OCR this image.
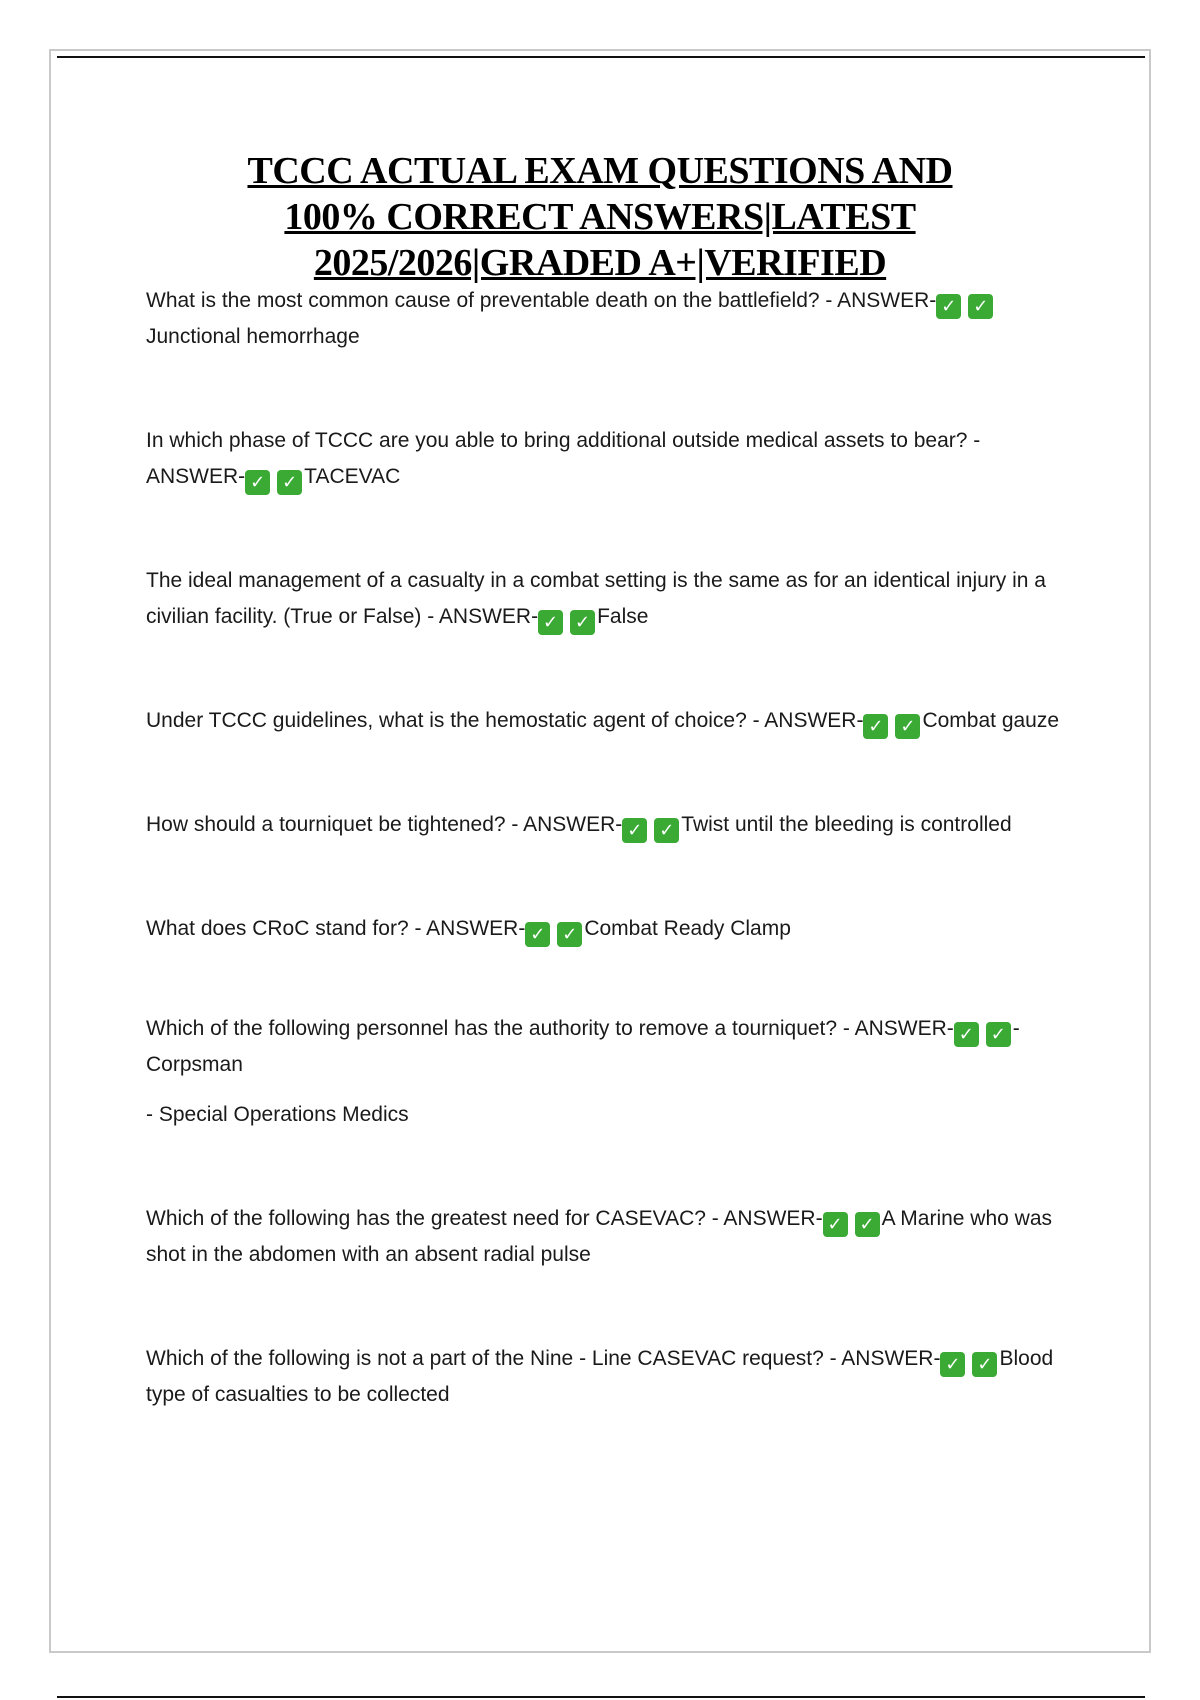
TCCC ACTUAL EXAM QUESTIONS AND
100% CORRECT ANSWERS|LATEST
2025/2026|GRADED A+|VERIFIED

What is the most common cause of preventable death on the battlefield? - ANSWER- ✓ ✓Junctional hemorrhage

In which phase of TCCC are you able to bring additional outside medical assets to bear? - ANSWER- ✓ ✓ TACEVAC

The ideal management of a casualty in a combat setting is the same as for an identical injury in a civilian facility. (True or False) - ANSWER- ✓ ✓ False

Under TCCC guidelines, what is the hemostatic agent of choice? - ANSWER- ✓ ✓ Combat gauze

How should a tourniquet be tightened? - ANSWER- ✓ ✓ Twist until the bleeding is controlled

What does CRoC stand for? - ANSWER- ✓ ✓ Combat Ready Clamp

Which of the following personnel has the authority to remove a tourniquet? - ANSWER- ✓ ✓ - Corpsman

- Special Operations Medics

Which of the following has the greatest need for CASEVAC? - ANSWER- ✓ ✓ A Marine who was shot in the abdomen with an absent radial pulse

Which of the following is not a part of the Nine - Line CASEVAC request? - ANSWER- ✓ ✓ Blood type of casualties to be collected
